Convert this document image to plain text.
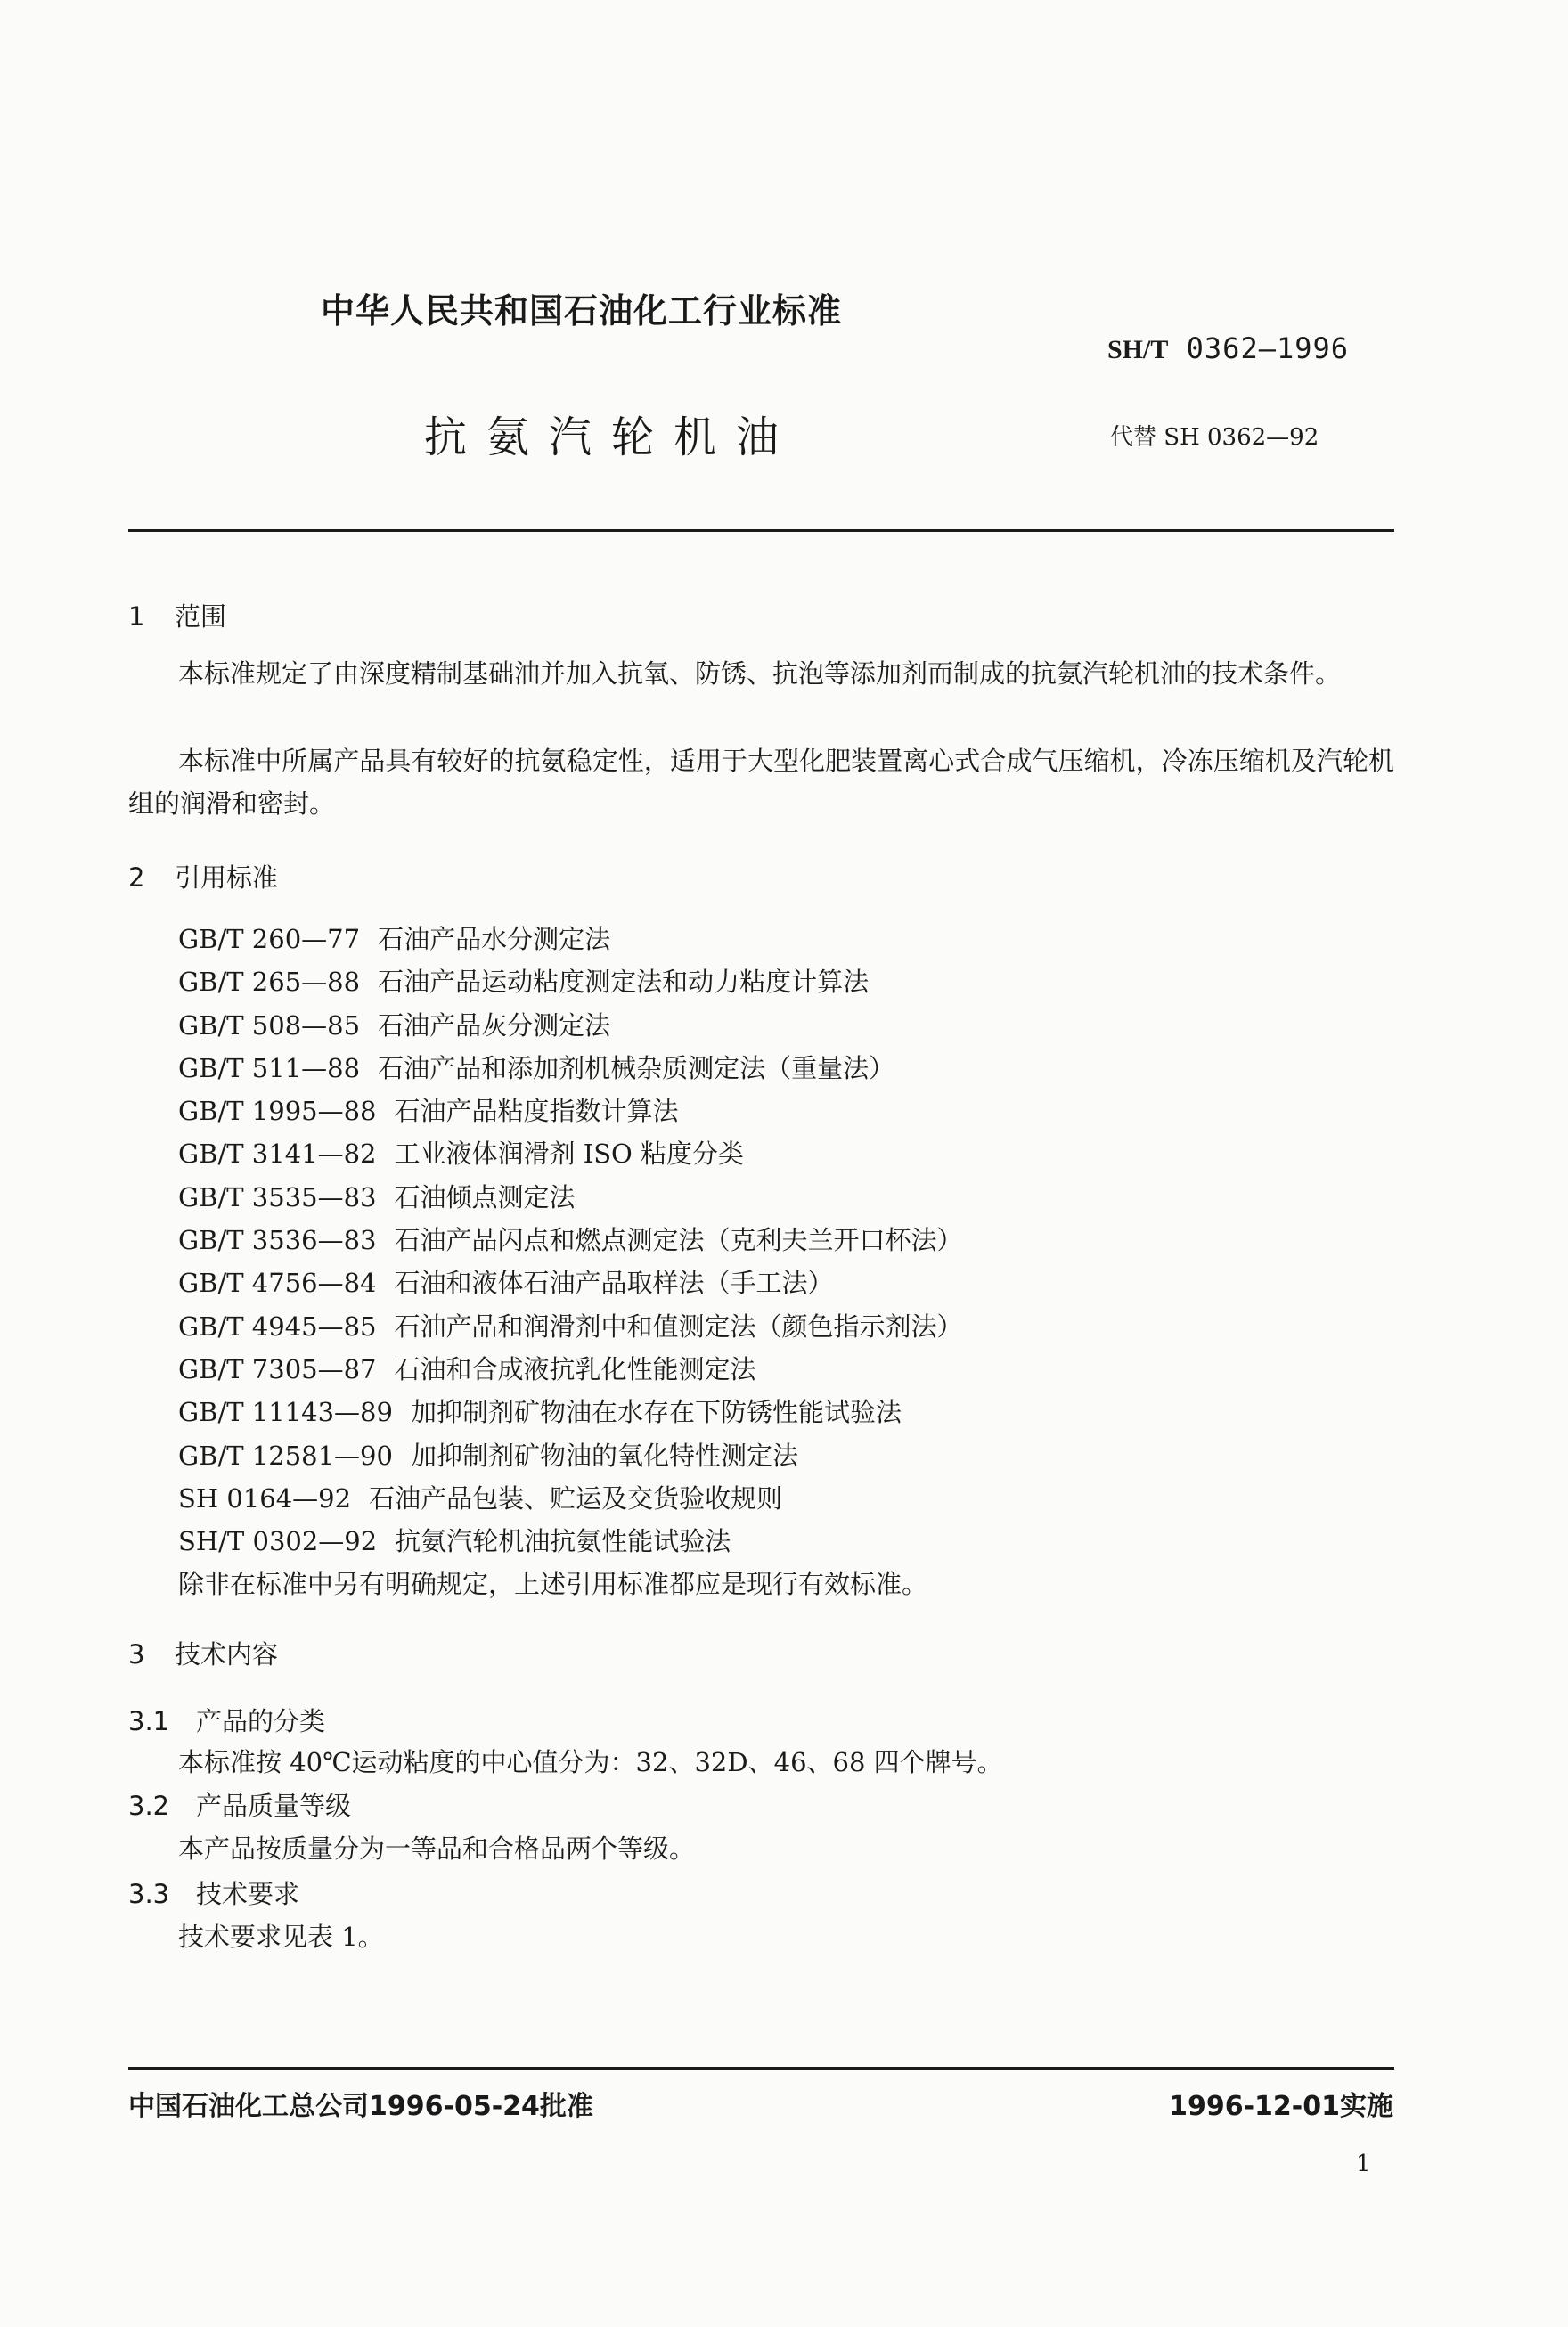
中华人民共和国石油化工行业标准
SH/T 0362—1996
抗氨汽轮机油	代替 SH 0362—92
1 范围
本标准规定了由深度精制基础油并加入抗氧、防锈、抗泡等添加剂而制成的抗氨汽轮机油的技术条件。
本标准中所属产品具有较好的抗氨稳定性，适用于大型化肥装置离心式合成气压缩机，冷冻压缩机及汽轮机组的润滑和密封。
2 引用标准
GB/T 260—77 石油产品水分测定法
GB/T 265—88 石油产品运动粘度测定法和动力粘度计算法
GB/T 508—85 石油产品灰分测定法
GB/T 511—88 石油产品和添加剂机械杂质测定法（重量法）
GB/T 1995—88 石油产品粘度指数计算法
GB/T 3141—82 工业液体润滑剂 ISO 粘度分类
GB/T 3535—83 石油倾点测定法
GB/T 3536—83 石油产品闪点和燃点测定法（克利夫兰开口杯法）
GB/T 4756—84 石油和液体石油产品取样法（手工法）
GB/T 4945—85 石油产品和润滑剂中和值测定法（颜色指示剂法）
GB/T 7305—87 石油和合成液抗乳化性能测定法
GB/T 11143—89 加抑制剂矿物油在水存在下防锈性能试验法
GB/T 12581—90 加抑制剂矿物油的氧化特性测定法
SH 0164—92 石油产品包装、贮运及交货验收规则
SH/T 0302—92 抗氨汽轮机油抗氨性能试验法
除非在标准中另有明确规定，上述引用标准都应是现行有效标准。
3 技术内容
3.1 产品的分类
本标准按 40℃运动粘度的中心值分为：32、32D、46、68 四个牌号。
3.2 产品质量等级
本产品按质量分为一等品和合格品两个等级。
3.3 技术要求
技术要求见表 1。
中国石油化工总公司1996-05-24批准	1996-12-01实施
1
